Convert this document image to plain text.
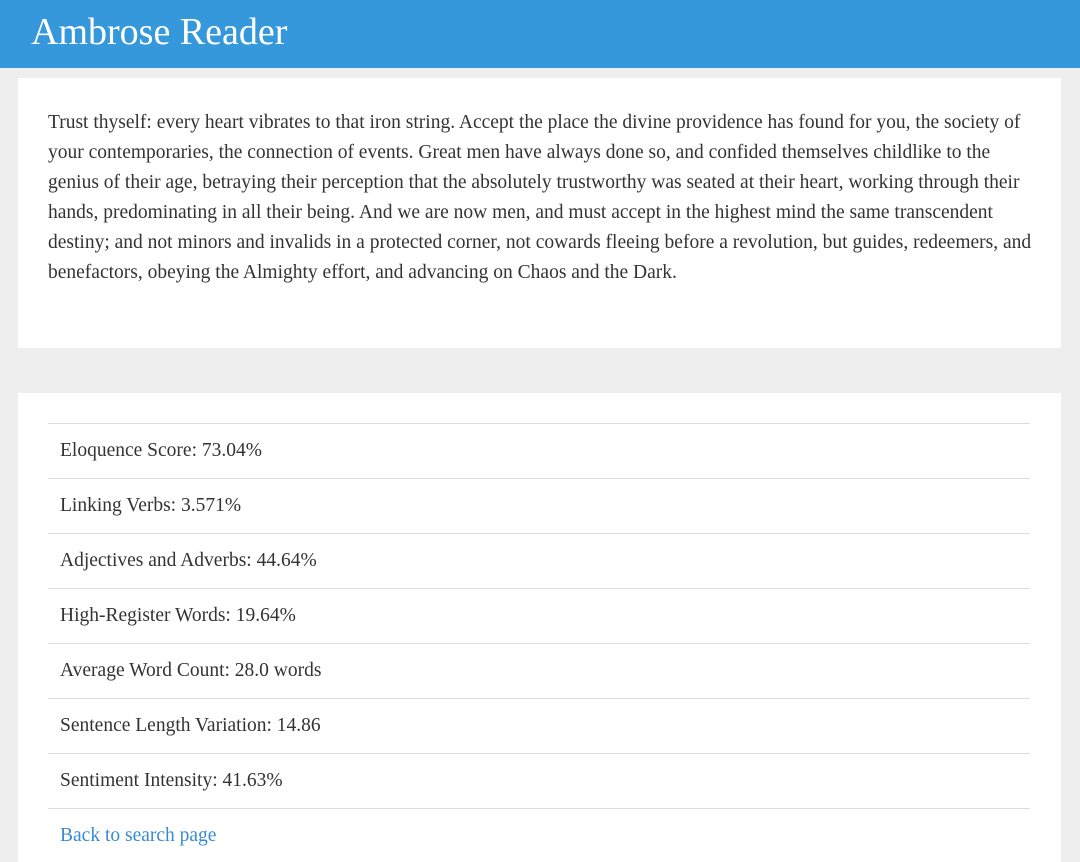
Ambrose Reader

Trust thyself: every heart vibrates to that iron string. Accept the place the divine providence has found for you, the society of your contemporaries, the connection of events. Great men have always done so, and confided themselves childlike to the genius of their age, betraying their perception that the absolutely trustworthy was seated at their heart, working through their hands, predominating in all their being. And we are now men, and must accept in the highest mind the same transcendent destiny; and not minors and invalids in a protected corner, not cowards fleeing before a revolution, but guides, redeemers, and benefactors, obeying the Almighty effort, and advancing on Chaos and the Dark.

Eloquence Score: 73.04%
Linking Verbs: 3.571%
Adjectives and Adverbs: 44.64%
High-Register Words: 19.64%
Average Word Count: 28.0 words
Sentence Length Variation: 14.86
Sentiment Intensity: 41.63%
Back to search page
